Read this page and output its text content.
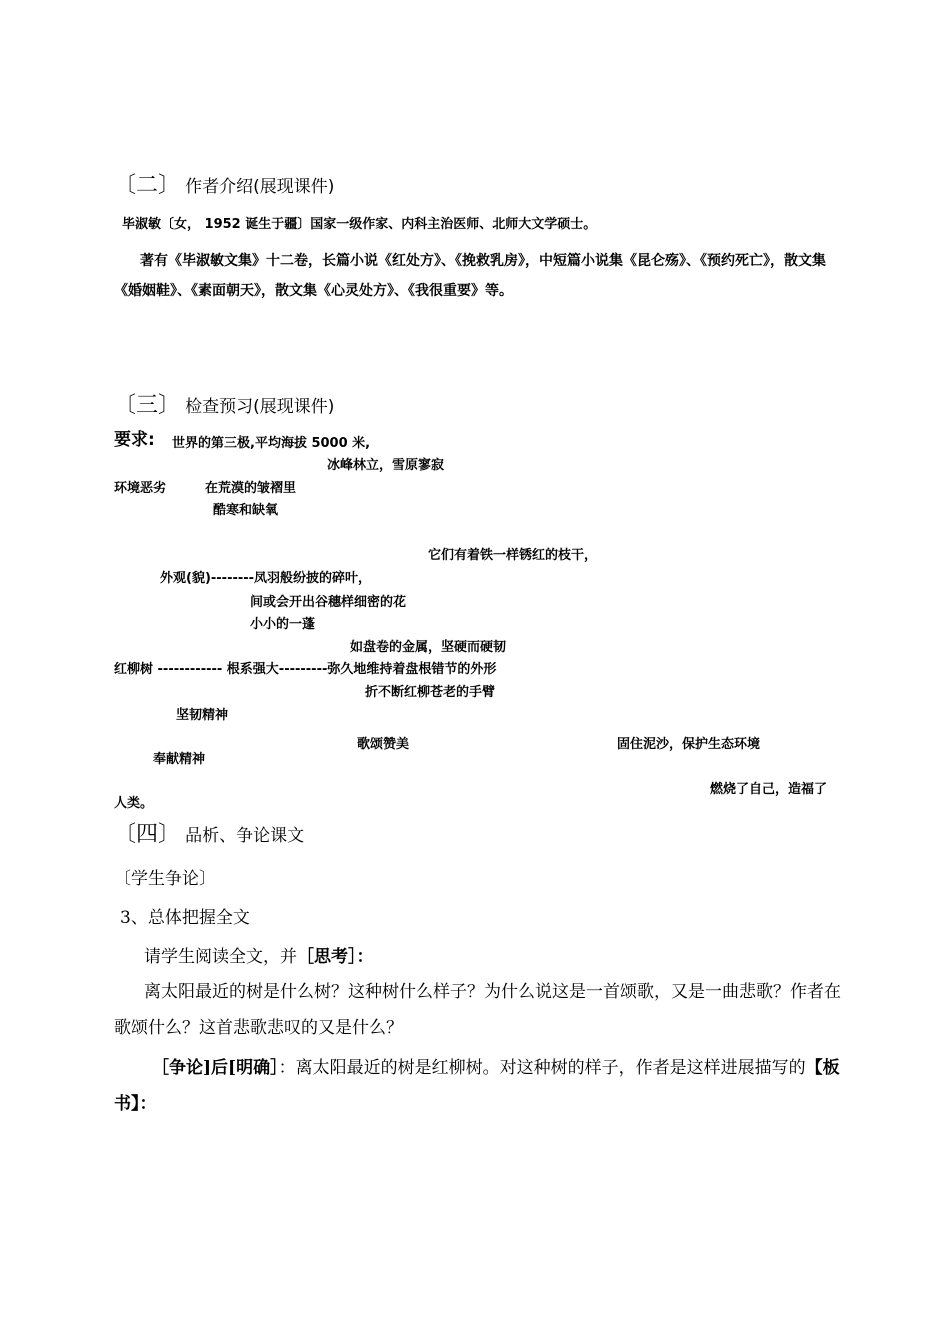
〔二〕 作者介绍(展现课件)
毕淑敏〔女， 1952 诞生于疆〕国家一级作家、内科主治医师、北师大文学硕士。
著有《毕淑敏文集》十二卷，长篇小说《红处方》、《挽救乳房》，中短篇小说集《昆仑殇》、《预约死亡》，散文集《婚姻鞋》、《素面朝天》，散文集《心灵处方》、《我很重要》等。
〔三〕 检查预习(展现课件)
要求: 世界的第三极,平均海拔 5000 米,
冰峰林立，雪原寥寂
环境恶劣	在荒漠的皱褶里
酷寒和缺氧
它们有着铁一样锈红的枝干，
外观(貌)--------凤羽般纷披的碎叶，
间或会开出谷穗样细密的花
小小的一蓬
如盘卷的金属，坚硬而硬韧
红柳树 ------------ 根系强大---------弥久地维持着盘根错节的外形
折不断红柳苍老的手臂
坚韧精神
歌颂赞美	固住泥沙，保护生态环境
奉献精神
燃烧了自己，造福了
人类。
〔四〕 品析、争论课文
〔学生争论〕
3、总体把握全文
请学生阅读全文，并［思考］：
离太阳最近的树是什么树？这种树什么样子？为什么说这是一首颂歌，又是一曲悲歌？作者在歌颂什么？这首悲歌悲叹的又是什么？
［争论]后[明确］：离太阳最近的树是红柳树。对这种树的样子，作者是这样进展描写的【板书】：
